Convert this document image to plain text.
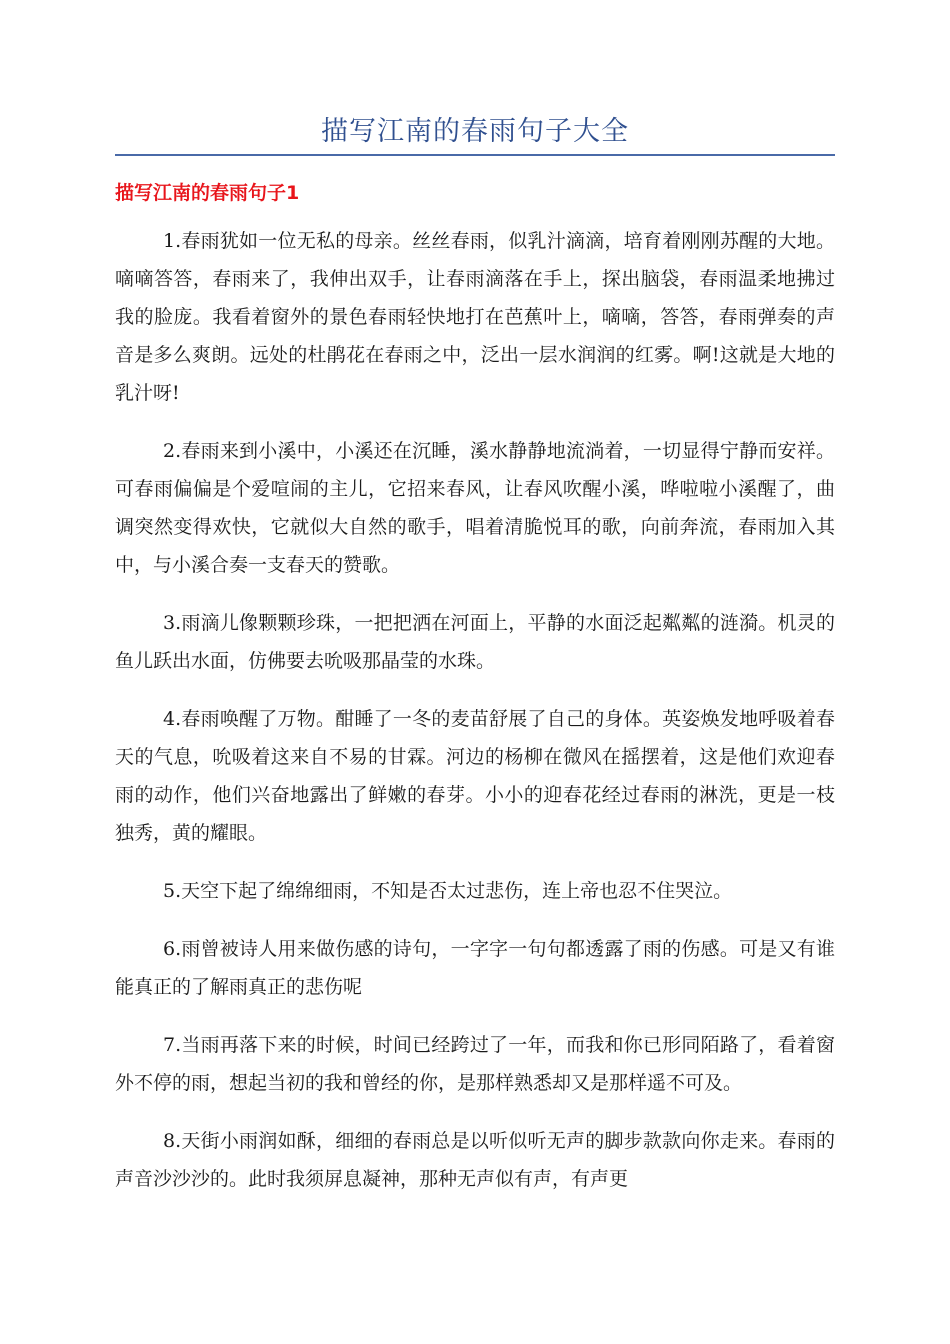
描写江南的春雨句子大全
描写江南的春雨句子1

1.春雨犹如一位无私的母亲。丝丝春雨，似乳汁滴滴，培育着刚刚苏醒的大地。嘀嘀答答，春雨来了，我伸出双手，让春雨滴落在手上，探出脑袋，春雨温柔地拂过我的脸庞。我看着窗外的景色春雨轻快地打在芭蕉叶上，嘀嘀，答答，春雨弹奏的声音是多么爽朗。远处的杜鹃花在春雨之中，泛出一层水润润的红雾。啊!这就是大地的乳汁呀!

2.春雨来到小溪中，小溪还在沉睡，溪水静静地流淌着，一切显得宁静而安祥。可春雨偏偏是个爱喧闹的主儿，它招来春风，让春风吹醒小溪，哗啦啦小溪醒了，曲调突然变得欢快，它就似大自然的歌手，唱着清脆悦耳的歌，向前奔流，春雨加入其中，与小溪合奏一支春天的赞歌。

3.雨滴儿像颗颗珍珠，一把把洒在河面上，平静的水面泛起粼粼的涟漪。机灵的鱼儿跃出水面，仿佛要去吮吸那晶莹的水珠。

4.春雨唤醒了万物。酣睡了一冬的麦苗舒展了自己的身体。英姿焕发地呼吸着春天的气息，吮吸着这来自不易的甘霖。河边的杨柳在微风在摇摆着，这是他们欢迎春雨的动作，他们兴奋地露出了鲜嫩的春芽。小小的迎春花经过春雨的淋洗，更是一枝独秀，黄的耀眼。

5.天空下起了绵绵细雨，不知是否太过悲伤，连上帝也忍不住哭泣。

6.雨曾被诗人用来做伤感的诗句，一字字一句句都透露了雨的伤感。可是又有谁能真正的了解雨真正的悲伤呢

7.当雨再落下来的时候，时间已经跨过了一年，而我和你已形同陌路了，看着窗外不停的雨，想起当初的我和曾经的你，是那样熟悉却又是那样遥不可及。

8.天街小雨润如酥，细细的春雨总是以听似听无声的脚步款款向你走来。春雨的声音沙沙沙的。此时我须屏息凝神，那种无声似有声，有声更
